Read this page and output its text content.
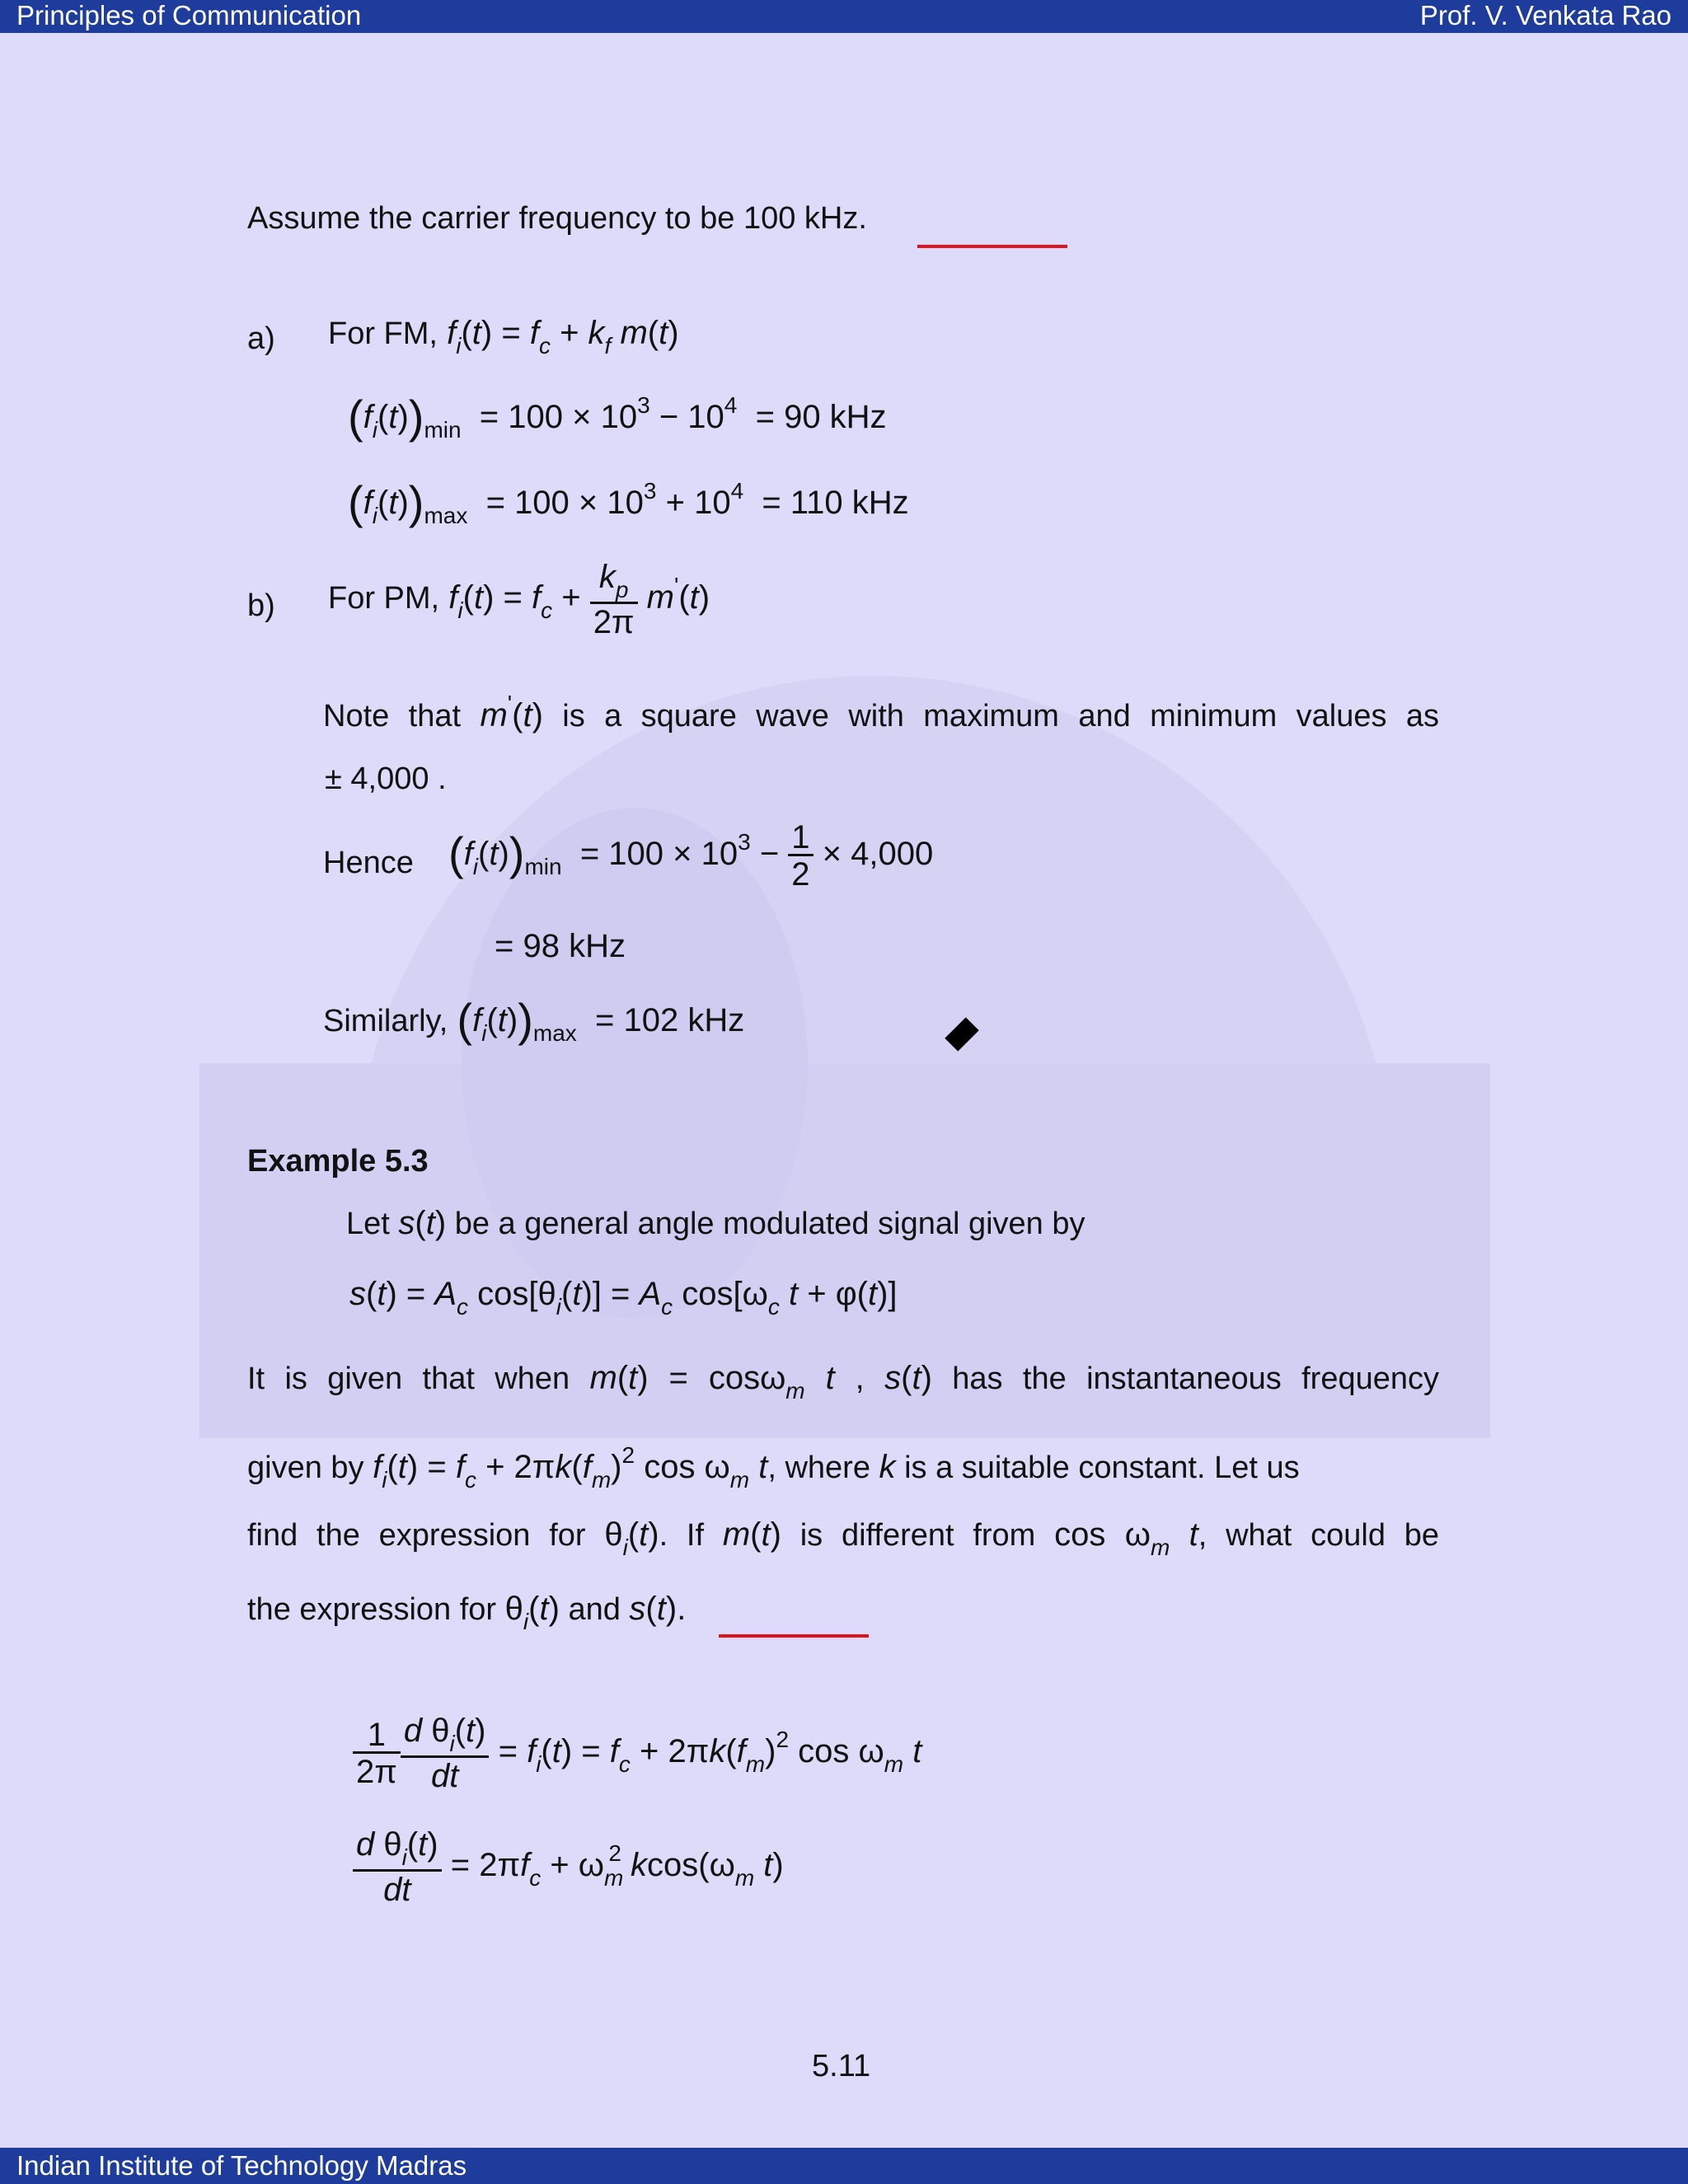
Principles of Communication	Prof. V. Venkata Rao
Assume the carrier frequency to be 100 kHz.
a) For FM, $f_i(t) = f_c + k_f$ m(t)
$(f_i(t))_{min} = 100 \times 10^3 - 10^4 = 90$ kHz
$(f_i(t))_{max} = 100 \times 10^3 + 10^4 = 110$ kHz
b) For PM, $f_i(t) = f_c + \frac{k_p}{2\pi} m'(t)$
Note that m'(t) is a square wave with maximum and minimum values as
± 4,000 .
Hence $(f_i(t))_{min} = 100 \times 10^3 - \frac{1}{2} \times 4,000$
= 98 kHz
Similarly, $(f_i(t))_{max} = 102$ kHz
Example 5.3
Let s(t) be a general angle modulated signal given by
$s(t) = A_c$ $\cos[\theta_i(t)] = A_c$ $\cos[\omega_c$ t + φ(t)]
It is given that when m(t) = cosω$_m$ t , s(t) has the instantaneous frequency
given by $f_i(t) = f_c + 2\pi k(f_m)^2$ $\cos \omega_m$ t, where k is a suitable constant. Let us
find the expression for $\theta_i(t)$. If m(t) is different from $\cos \omega_m$ t, what could be
the expression for $\theta_i(t)$ and s(t).
$\frac{1}{2\pi} \frac{d \theta_i(t)}{dt} = f_i(t) = f_c + 2\pi k(f_m)^2$ $\cos \omega_m$ t
$\frac{d \theta_i(t)}{dt} = 2\pi f_c + \omega_m^2$ $kcos(\omega_m$ t)
5.11
Indian Institute of Technology Madras
